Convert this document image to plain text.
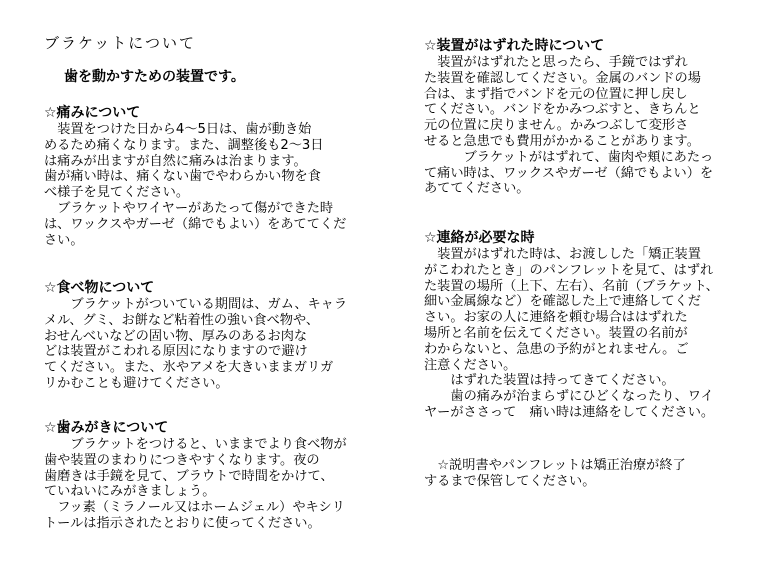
ブラケットについて
歯を動かすための装置です。
☆痛みについて

装置をつけた日から4～5日は、歯が動き始
めるため痛くなります。また、調整後も2～3日
は痛みが出ますが自然に痛みは治まります。
歯が痛い時は、痛くない歯でやわらかい物を食
べ様子を見てください。

ブラケットやワイヤーがあたって傷ができた時
は、ワックスやガーゼ（綿でもよい）をあててくだ
さい。

☆食べ物について

ブラケットがついている期間は、ガム、キャラ
メル、グミ、お餅など粘着性の強い食べ物や、
おせんべいなどの固い物、厚みのあるお肉な
どは装置がこわれる原因になりますので避け
てください。また、氷やアメを大きいままガリガ
リかむことも避けてください。

☆歯みがきについて

ブラケットをつけると、いままでより食べ物が
歯や装置のまわりにつきやすくなります。夜の
歯磨きは手鏡を見て、ブラウトで時間をかけて、
ていねいにみがきましょう。

フッ素（ミラノール又はホームジェル）やキシリ
トールは指示されたとおりに使ってください。

☆装置がはずれた時について

装置がはずれたと思ったら、手鏡ではずれ
た装置を確認してください。金属のバンドの場
合は、まず指でバンドを元の位置に押し戻し
てください。バンドをかみつぶすと、きちんと
元の位置に戻りません。かみつぶして変形さ
せると急患でも費用がかかることがあります。

ブラケットがはずれて、歯肉や頬にあたっ
て痛い時は、ワックスやガーゼ（綿でもよい）を
あててください。

☆連絡が必要な時

装置がはずれた時は、お渡しした「矯正装置
がこわれたとき」のパンフレットを見て、はずれ
た装置の場所（上下、左右）、名前（ブラケット、
細い金属線など）を確認した上で連絡してくだ
さい。お家の人に連絡を頼む場合ははずれた
場所と名前を伝えてください。装置の名前が
わからないと、急患の予約がとれません。ご
注意ください。

はずれた装置は持ってきてください。

歯の痛みが治まらずにひどくなったり、ワイ
ヤーがささって　痛い時は連絡をしてください。

☆説明書やパンフレットは矯正治療が終了
するまで保管してください。
